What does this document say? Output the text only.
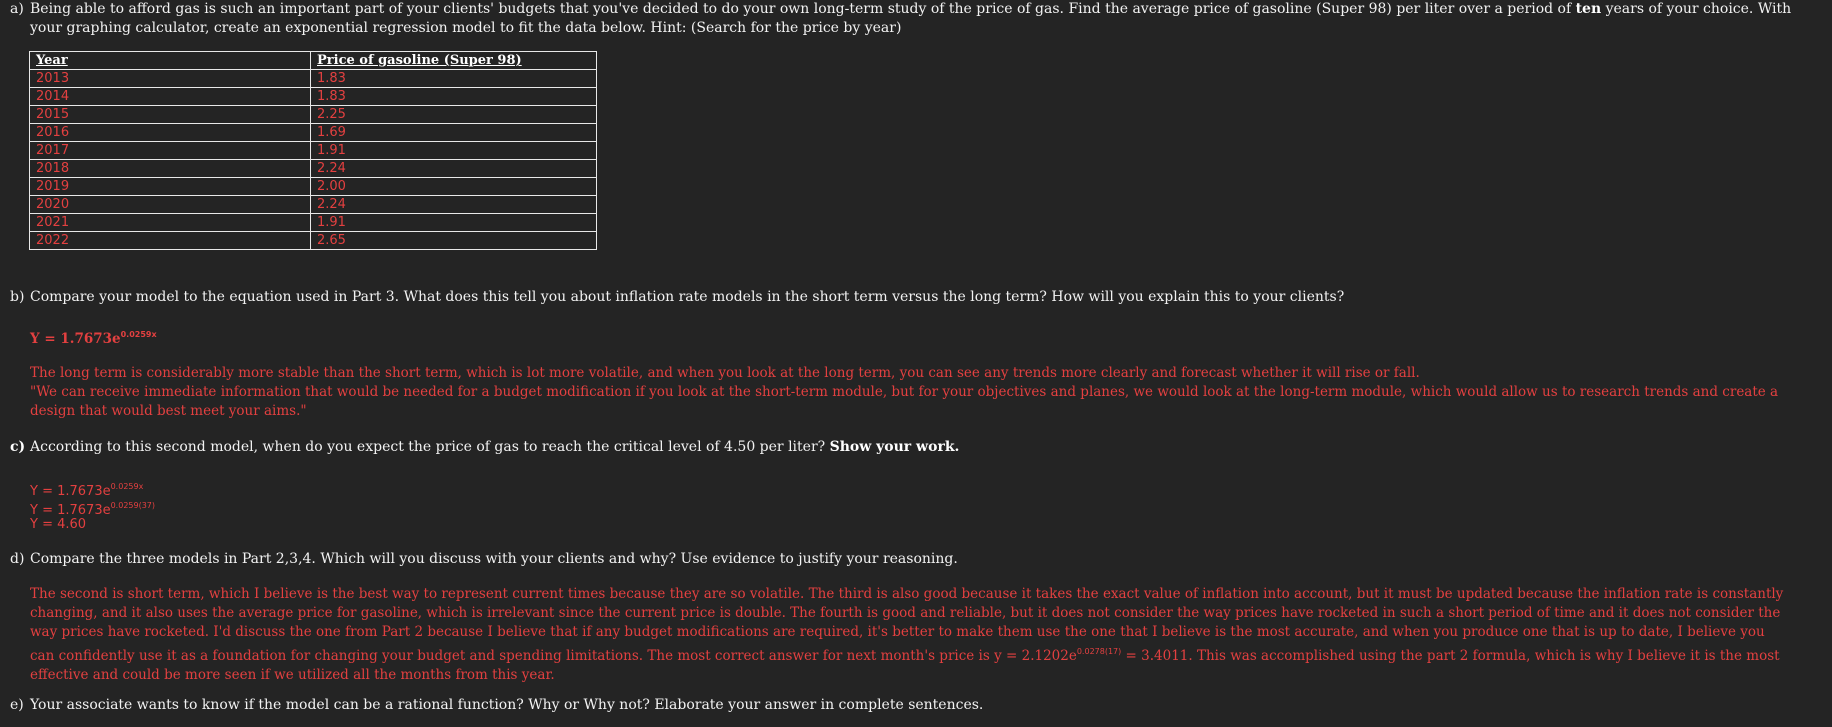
a) Being able to afford gas is such an important part of your clients' budgets that you've decided to do your own long-term study of the price of gas. Find the average price of gasoline (Super 98) per liter over a period of ten years of your choice. With
your graphing calculator, create an exponential regression model to fit the data below. Hint: (Search for the price by year)
Year	Price of gasoline (Super 98)
2013	1.83
2014	1.83
2015	2.25
2016	1.69
2017	1.91
2018	2.24
2019	2.00
2020	2.24
2021	1.91
2022	2.65
b) Compare your model to the equation used in Part 3. What does this tell you about inflation rate models in the short term versus the long term? How will you explain this to your clients?
$Y = 1.7673e^{0.0259x}$
The long term is considerably more stable than the short term, which is lot more volatile, and when you look at the long term, you can see any trends more clearly and forecast whether it will rise or fall.
"We can receive immediate information that would be needed for a budget modification if you look at the short-term module, but for your objectives and planes, we would look at the long-term module, which would allow us to research trends and create a design that would best meet your aims."
c) According to this second model, when do you expect the price of gas to reach the critical level of 4.50 per liter? Show your work.
$Y = 1.7673e^{0.0259x}$
$Y = 1.7673e^{0.0259(37)}$
Y = 4.60
d) Compare the three models in Part 2,3,4. Which will you discuss with your clients and why? Use evidence to justify your reasoning.
The second is short term, which I believe is the best way to represent current times because they are so volatile. The third is also good because it takes the exact value of inflation into account, but it must be updated because the inflation rate is constantly changing, and it also uses the average price for gasoline, which is irrelevant since the current price is double. The fourth is good and reliable, but it does not consider the way prices have rocketed in such a short period of time and it does not consider the way prices have rocketed. I'd discuss the one from Part 2 because I believe that if any budget modifications are required, it's better to make them use the one that I believe is the most accurate, and when you produce one that is up to date, I believe you can confidently use it as a foundation for changing your budget and spending limitations. The most correct answer for next month's price is $y = 2.1202e^{0.0278(17)} = 3.4011$. This was accomplished using the part 2 formula, which is why I believe it is the most effective and could be more seen if we utilized all the months from this year.
e) Your associate wants to know if the model can be a rational function? Why or Why not? Elaborate your answer in complete sentences.
